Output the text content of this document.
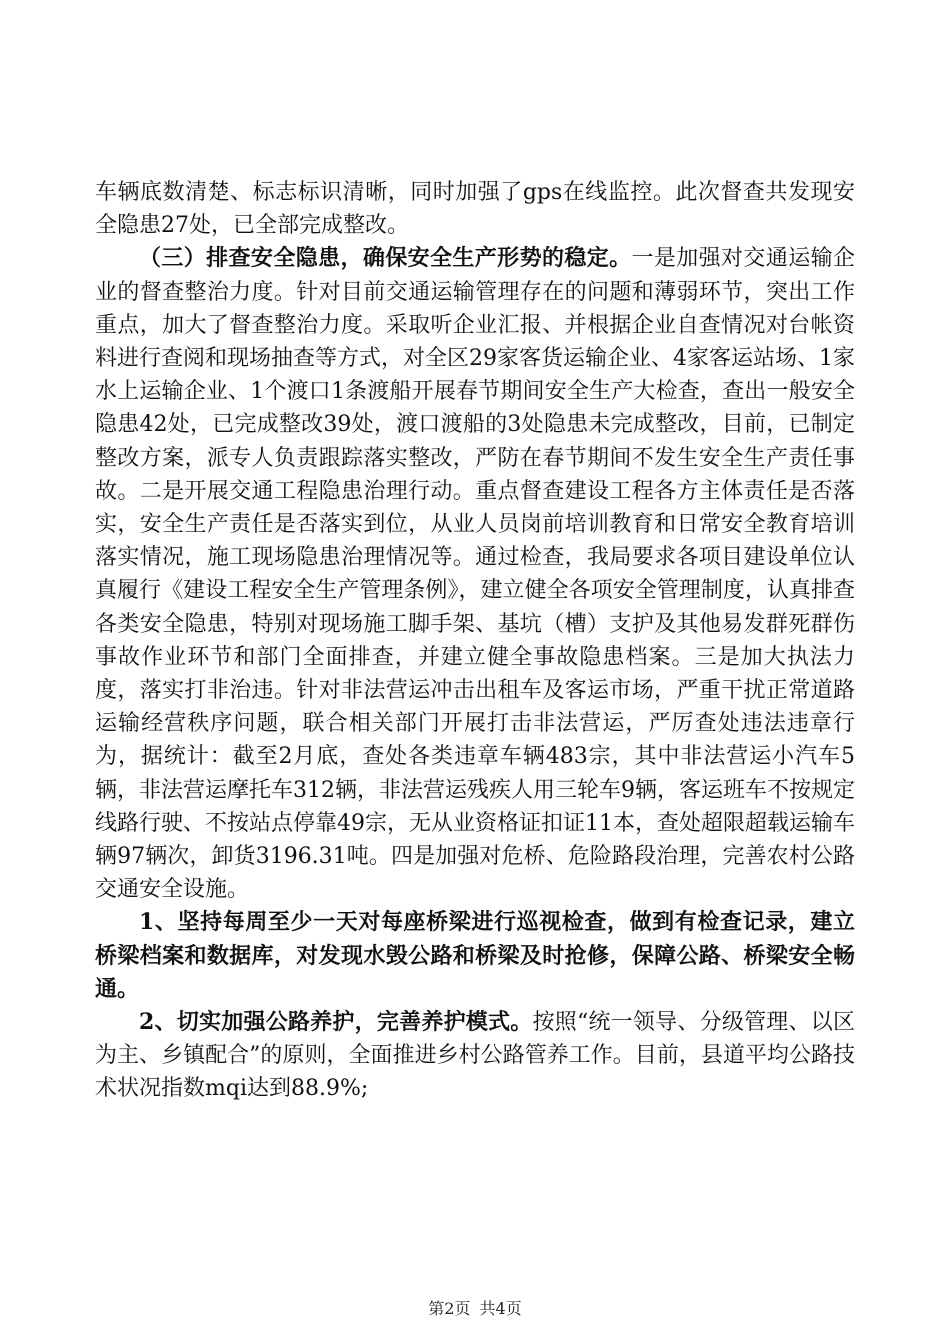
车辆底数清楚、标志标识清晰，同时加强了gps在线监控。此次督查共发现安全隐患27处，已全部完成整改。

（三）排查安全隐患，确保安全生产形势的稳定。一是加强对交通运输企业的督查整治力度。针对目前交通运输管理存在的问题和薄弱环节，突出工作重点，加大了督查整治力度。采取听企业汇报、并根据企业自查情况对台帐资料进行查阅和现场抽查等方式，对全区29家客货运输企业、4家客运站场、1家水上运输企业、1个渡口1条渡船开展春节期间安全生产大检查，查出一般安全隐患42处，已完成整改39处，渡口渡船的3处隐患未完成整改，目前，已制定整改方案，派专人负责跟踪落实整改，严防在春节期间不发生安全生产责任事故。二是开展交通工程隐患治理行动。重点督查建设工程各方主体责任是否落实，安全生产责任是否落实到位，从业人员岗前培训教育和日常安全教育培训落实情况，施工现场隐患治理情况等。通过检查，我局要求各项目建设单位认真履行《建设工程安全生产管理条例》，建立健全各项安全管理制度，认真排查各类安全隐患，特别对现场施工脚手架、基坑（槽）支护及其他易发群死群伤事故作业环节和部门全面排查，并建立健全事故隐患档案。三是加大执法力度，落实打非治违。针对非法营运冲击出租车及客运市场，严重干扰正常道路运输经营秩序问题，联合相关部门开展打击非法营运，严厉查处违法违章行为，据统计：截至2月底，查处各类违章车辆483宗，其中非法营运小汽车5辆，非法营运摩托车312辆，非法营运残疾人用三轮车9辆，客运班车不按规定线路行驶、不按站点停靠49宗，无从业资格证扣证11本，查处超限超载运输车辆97辆次，卸货3196.31吨。四是加强对危桥、危险路段治理，完善农村公路交通安全设施。

1、坚持每周至少一天对每座桥梁进行巡视检查，做到有检查记录，建立桥梁档案和数据库，对发现水毁公路和桥梁及时抢修，保障公路、桥梁安全畅通。

2、切实加强公路养护，完善养护模式。按照“统一领导、分级管理、以区为主、乡镇配合”的原则，全面推进乡村公路管养工作。目前，县道平均公路技术状况指数mqi达到88.9%;

第2页 共4页
